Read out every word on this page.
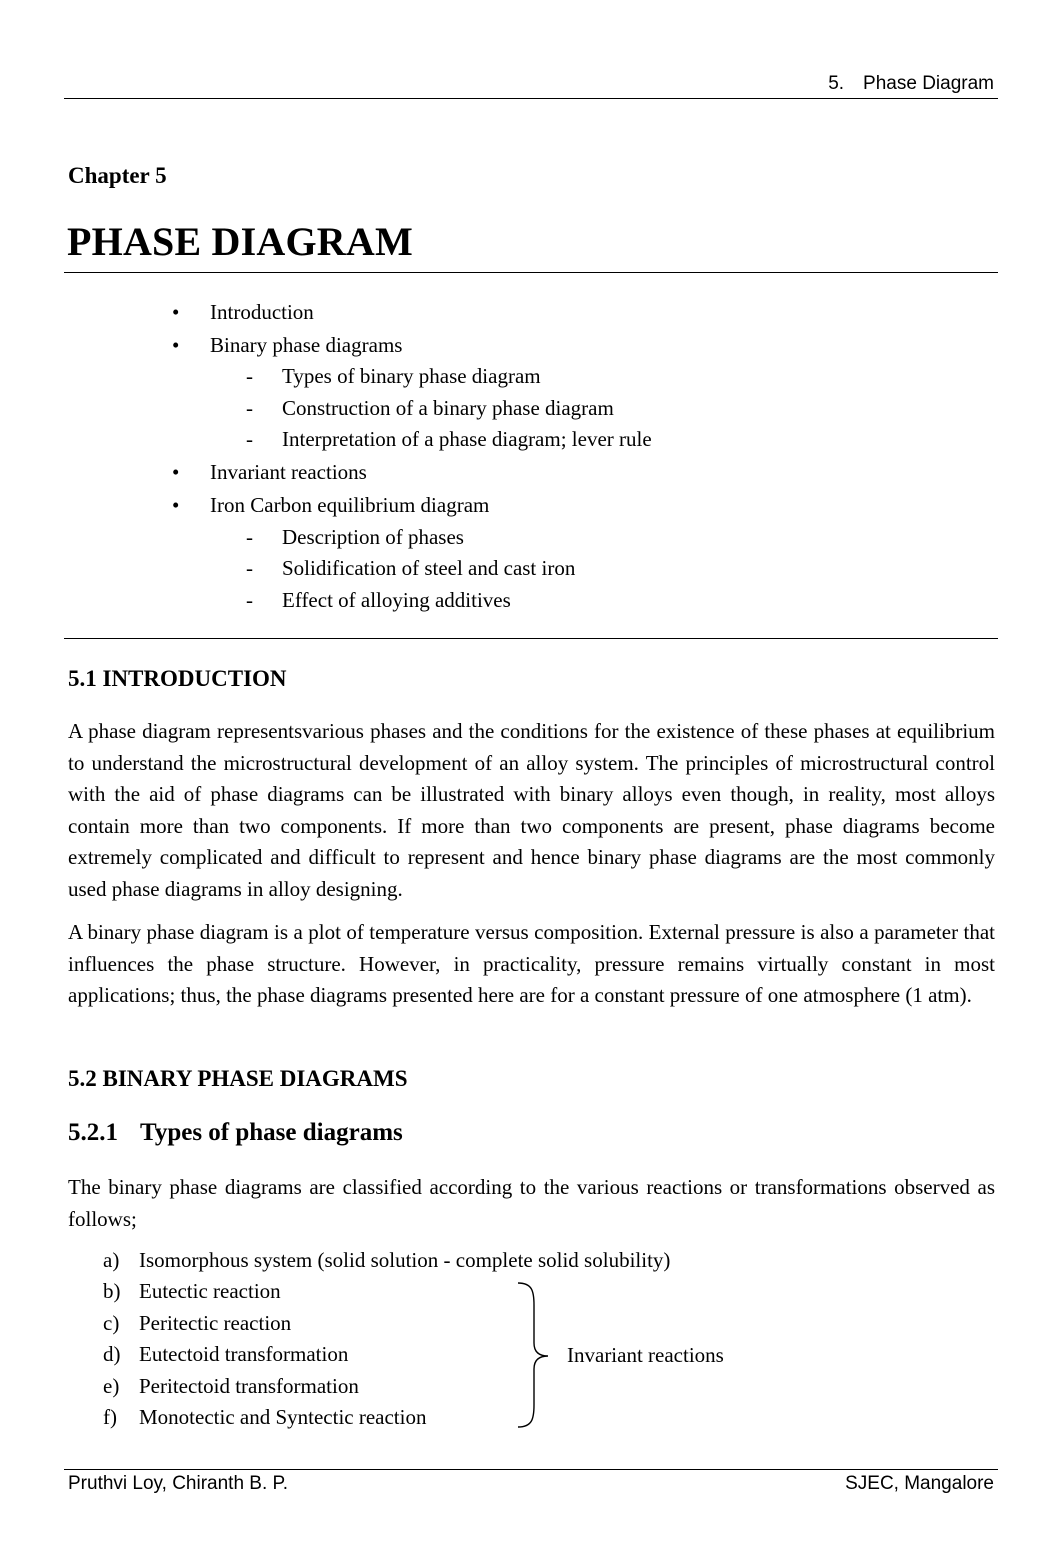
5. Phase Diagram
Chapter 5
PHASE DIAGRAM
• Introduction
• Binary phase diagrams
- Types of binary phase diagram
- Construction of a binary phase diagram
- Interpretation of a phase diagram; lever rule
• Invariant reactions
• Iron Carbon equilibrium diagram
- Description of phases
- Solidification of steel and cast iron
- Effect of alloying additives
5.1 INTRODUCTION
A phase diagram representsvarious phases and the conditions for the existence of these phases at equilibrium to understand the microstructural development of an alloy system. The principles of microstructural control with the aid of phase diagrams can be illustrated with binary alloys even though, in reality, most alloys contain more than two components. If more than two components are present, phase diagrams become extremely complicated and difficult to represent and hence binary phase diagrams are the most commonly used phase diagrams in alloy designing.
A binary phase diagram is a plot of temperature versus composition. External pressure is also a parameter that influences the phase structure. However, in practicality, pressure remains virtually constant in most applications; thus, the phase diagrams presented here are for a constant pressure of one atmosphere (1 atm).
5.2 BINARY PHASE DIAGRAMS
5.2.1 Types of phase diagrams
The binary phase diagrams are classified according to the various reactions or transformations observed as follows;
a) Isomorphous system (solid solution - complete solid solubility)
b) Eutectic reaction
c) Peritectic reaction
d) Eutectoid transformation
e) Peritectoid transformation
f) Monotectic and Syntectic reaction
Invariant reactions
Pruthvi Loy, Chiranth B. P.	SJEC, Mangalore
